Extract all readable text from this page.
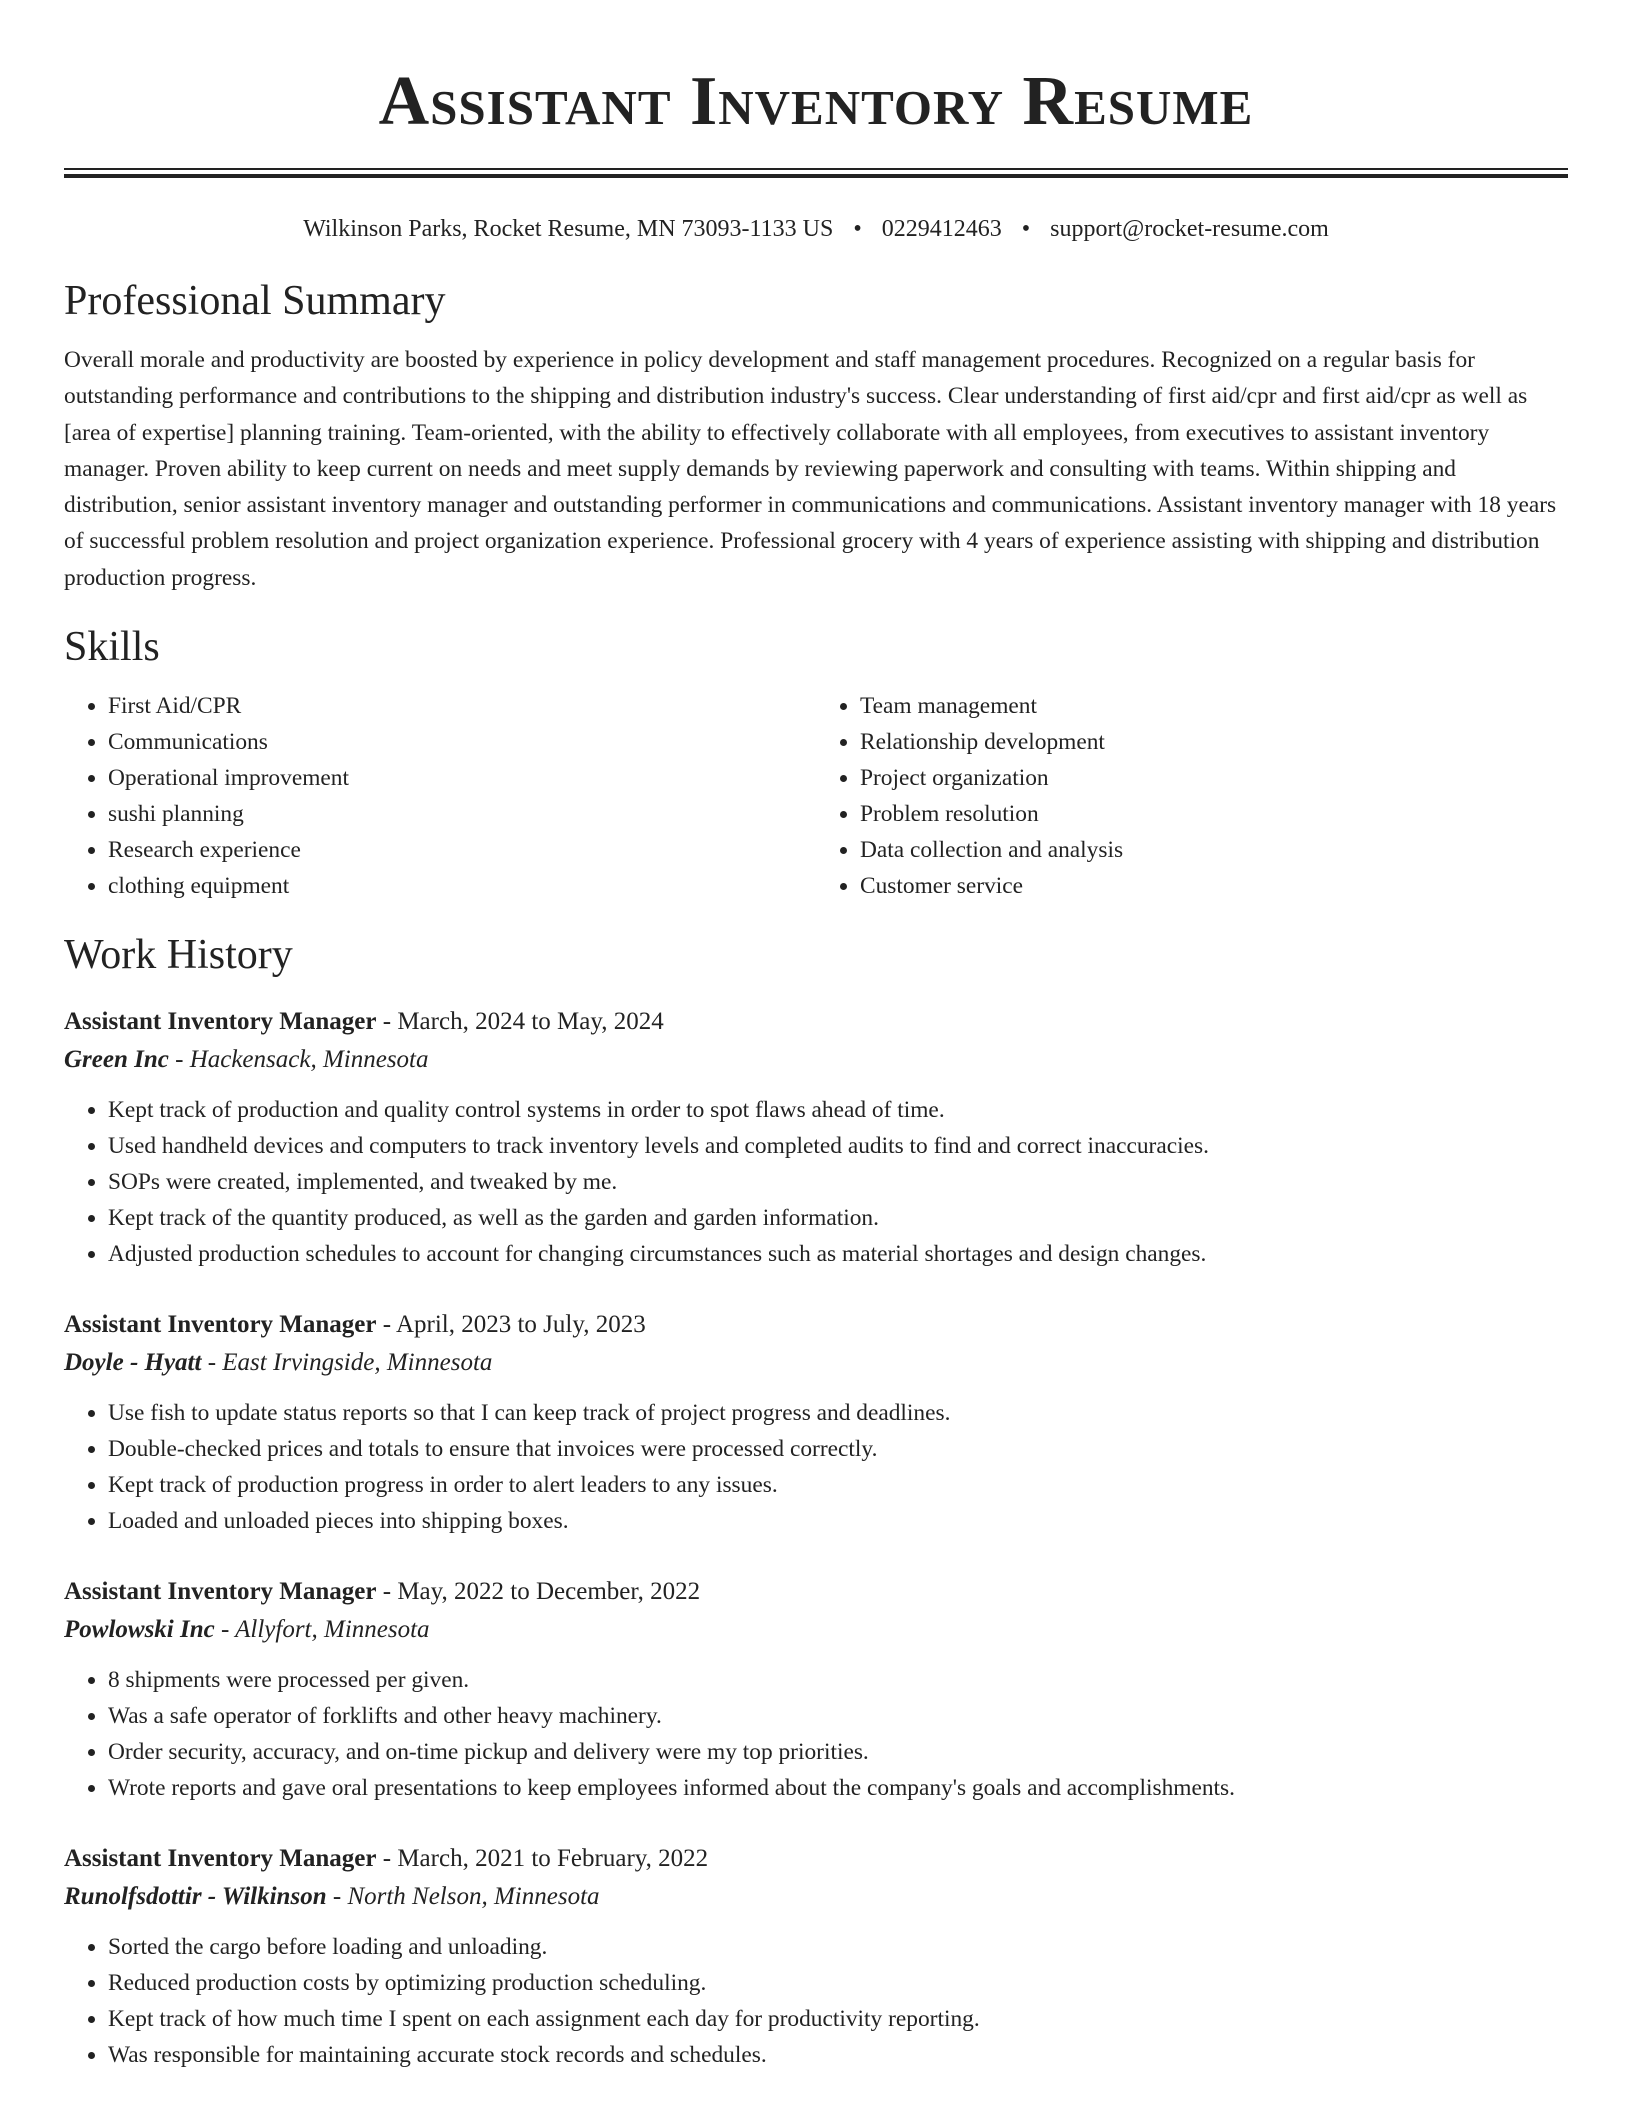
Assistant Inventory Resume
Wilkinson Parks, Rocket Resume, MN 73093-1133 US • 0229412463 • support@rocket-resume.com
Professional Summary

Overall morale and productivity are boosted by experience in policy development and staff management procedures. Recognized on a regular basis for outstanding performance and contributions to the shipping and distribution industry's success. Clear understanding of first aid/cpr and first aid/cpr as well as [area of expertise] planning training. Team-oriented, with the ability to effectively collaborate with all employees, from executives to assistant inventory manager. Proven ability to keep current on needs and meet supply demands by reviewing paperwork and consulting with teams. Within shipping and distribution, senior assistant inventory manager and outstanding performer in communications and communications. Assistant inventory manager with 18 years of successful problem resolution and project organization experience. Professional grocery with 4 years of experience assisting with shipping and distribution production progress.

Skills
• First Aid/CPR
• Communications
• Operational improvement
• sushi planning
• Research experience
• clothing equipment
• Team management
• Relationship development
• Project organization
• Problem resolution
• Data collection and analysis
• Customer service
Work History

Assistant Inventory Manager - March, 2024 to May, 2024

Green Inc - Hackensack, Minnesota

• Kept track of production and quality control systems in order to spot flaws ahead of time.
• Used handheld devices and computers to track inventory levels and completed audits to find and correct inaccuracies.
• SOPs were created, implemented, and tweaked by me.
• Kept track of the quantity produced, as well as the garden and garden information.
• Adjusted production schedules to account for changing circumstances such as material shortages and design changes.

Assistant Inventory Manager - April, 2023 to July, 2023

Doyle - Hyatt - East Irvingside, Minnesota

• Use fish to update status reports so that I can keep track of project progress and deadlines.
• Double-checked prices and totals to ensure that invoices were processed correctly.
• Kept track of production progress in order to alert leaders to any issues.
• Loaded and unloaded pieces into shipping boxes.

Assistant Inventory Manager - May, 2022 to December, 2022

Powlowski Inc - Allyfort, Minnesota

• 8 shipments were processed per given.
• Was a safe operator of forklifts and other heavy machinery.
• Order security, accuracy, and on-time pickup and delivery were my top priorities.
• Wrote reports and gave oral presentations to keep employees informed about the company's goals and accomplishments.

Assistant Inventory Manager - March, 2021 to February, 2022

Runolfsdottir - Wilkinson - North Nelson, Minnesota

• Sorted the cargo before loading and unloading.
• Reduced production costs by optimizing production scheduling.
• Kept track of how much time I spent on each assignment each day for productivity reporting.
• Was responsible for maintaining accurate stock records and schedules.
